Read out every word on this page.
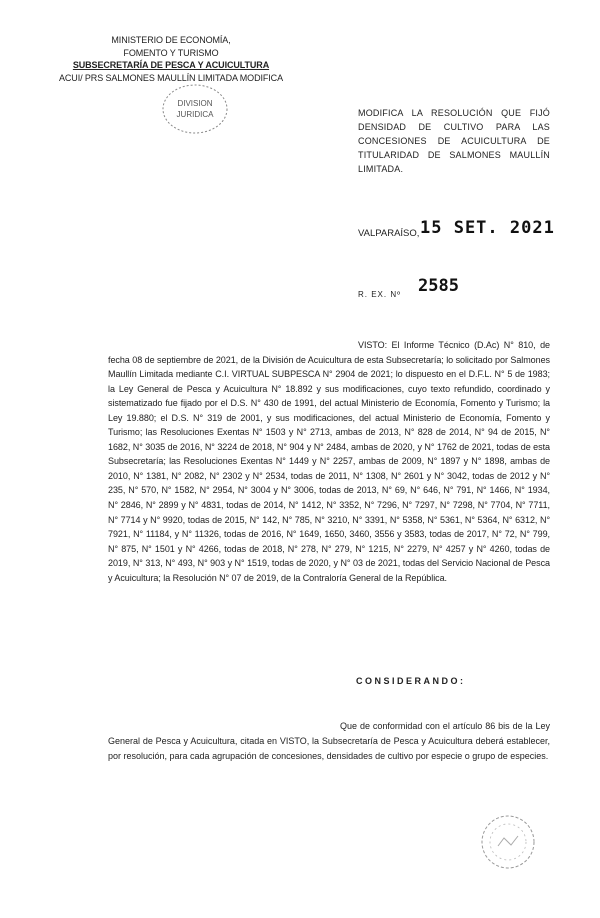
MINISTERIO DE ECONOMÍA,
FOMENTO Y TURISMO
SUBSECRETARÍA DE PESCA Y ACUICULTURA
ACUI/ PRS SALMONES MAULLÍN LIMITADA MODIFICA
DIVISION
JURIDICA	MODIFICA LA RESOLUCIÓN QUE FIJÓ DENSIDAD DE CULTIVO PARA LAS CONCESIONES DE ACUICULTURA DE TITULARIDAD DE SALMONES MAULLÍN LIMITADA.
VALPARAÍSO, 15 SET. 2021
R. EX. Nº 2585
VISTO: El Informe Técnico (D.Ac) N° 810, de fecha 08 de septiembre de 2021, de la División de Acuicultura de esta Subsecretaría; lo solicitado por Salmones Maullín Limitada mediante C.I. VIRTUAL SUBPESCA N° 2904 de 2021; lo dispuesto en el D.F.L. N° 5 de 1983; la Ley General de Pesca y Acuicultura N° 18.892 y sus modificaciones, cuyo texto refundido, coordinado y sistematizado fue fijado por el D.S. N° 430 de 1991, del actual Ministerio de Economía, Fomento y Turismo; la Ley 19.880; el D.S. N° 319 de 2001, y sus modificaciones, del actual Ministerio de Economía, Fomento y Turismo; las Resoluciones Exentas N° 1503 y N° 2713, ambas de 2013, N° 828 de 2014, N° 94 de 2015, N° 1682, N° 3035 de 2016, N° 3224 de 2018, N° 904 y N° 2484, ambas de 2020, y N° 1762 de 2021, todas de esta Subsecretaría; las Resoluciones Exentas N° 1449 y N° 2257, ambas de 2009, N° 1897 y N° 1898, ambas de 2010, N° 1381, N° 2082, N° 2302 y N° 2534, todas de 2011, N° 1308, N° 2601 y N° 3042, todas de 2012 y N° 235, N° 570, N° 1582, N° 2954, N° 3004 y N° 3006, todas de 2013, N° 69, N° 646, N° 791, N° 1466, N° 1934, N° 2846, N° 2899 y N° 4831, todas de 2014, N° 1412, N° 3352, N° 7296, N° 7297, N° 7298, N° 7704, N° 7711, N° 7714 y N° 9920, todas de 2015, N° 142, N° 785, N° 3210, N° 3391, N° 5358, N° 5361, N° 5364, N° 6312, N° 7921, N° 11184, y N° 11326, todas de 2016, N° 1649, 1650, 3460, 3556 y 3583, todas de 2017, N° 72, N° 799, N° 875, N° 1501 y N° 4266, todas de 2018, N° 278, N° 279, N° 1215, N° 2279, N° 4257 y N° 4260, todas de 2019, N° 313, N° 493, N° 903 y N° 1519, todas de 2020, y N° 03 de 2021, todas del Servicio Nacional de Pesca y Acuicultura; la Resolución N° 07 de 2019, de la Contraloría General de la República.
CONSIDERANDO:
Que de conformidad con el artículo 86 bis de la Ley General de Pesca y Acuicultura, citada en VISTO, la Subsecretaría de Pesca y Acuicultura deberá establecer, por resolución, para cada agrupación de concesiones, densidades de cultivo por especie o grupo de especies.
